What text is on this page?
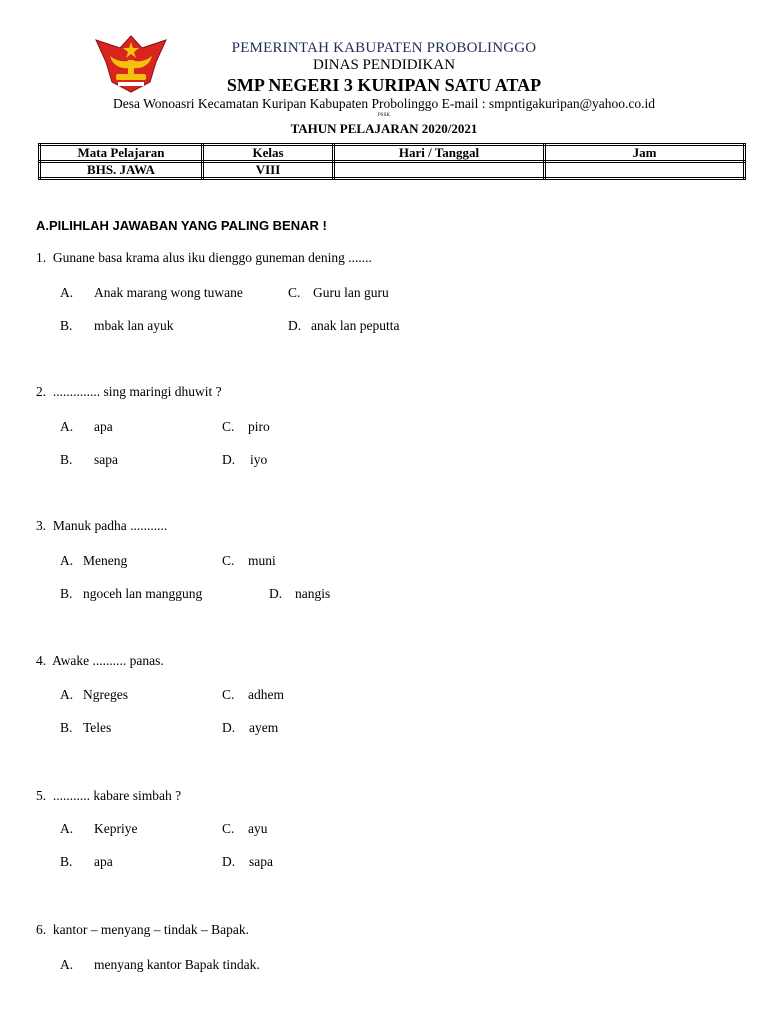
PEMERINTAH KABUPATEN PROBOLINGGO
DINAS PENDIDIKAN
SMP NEGERI 3 KURIPAN SATU ATAP
Desa Wonoasri Kecamatan Kuripan Kabupaten Probolinggo E-mail : smpntigakuripan@yahoo.co.id
PSSK
TAHUN PELAJARAN 2020/2021
Mata Pelajaran	Kelas	Hari / Tanggal	Jam
BHS. JAWA	VIII		
A.PILIHLAH JAWABAN YANG PALING BENAR !
1. Gunane basa krama alus iku dienggo guneman dening .......
A. Anak marang wong tuwane	C. Guru lan guru
B. mbak lan ayuk	D. anak lan peputta
2. .............. sing maringi dhuwit ?
A. apa	C. piro
B. sapa	D. iyo
3. Manuk padha ...........
A. Meneng	C. muni
B. ngoceh lan manggung	D. nangis
4. Awake .......... panas.
A. Ngreges	C. adhem
B. Teles	D. ayem
5. ........... kabare simbah ?
A. Kepriye	C. ayu
B. apa	D. sapa
6. kantor – menyang – tindak – Bapak.
A. menyang kantor Bapak tindak.
